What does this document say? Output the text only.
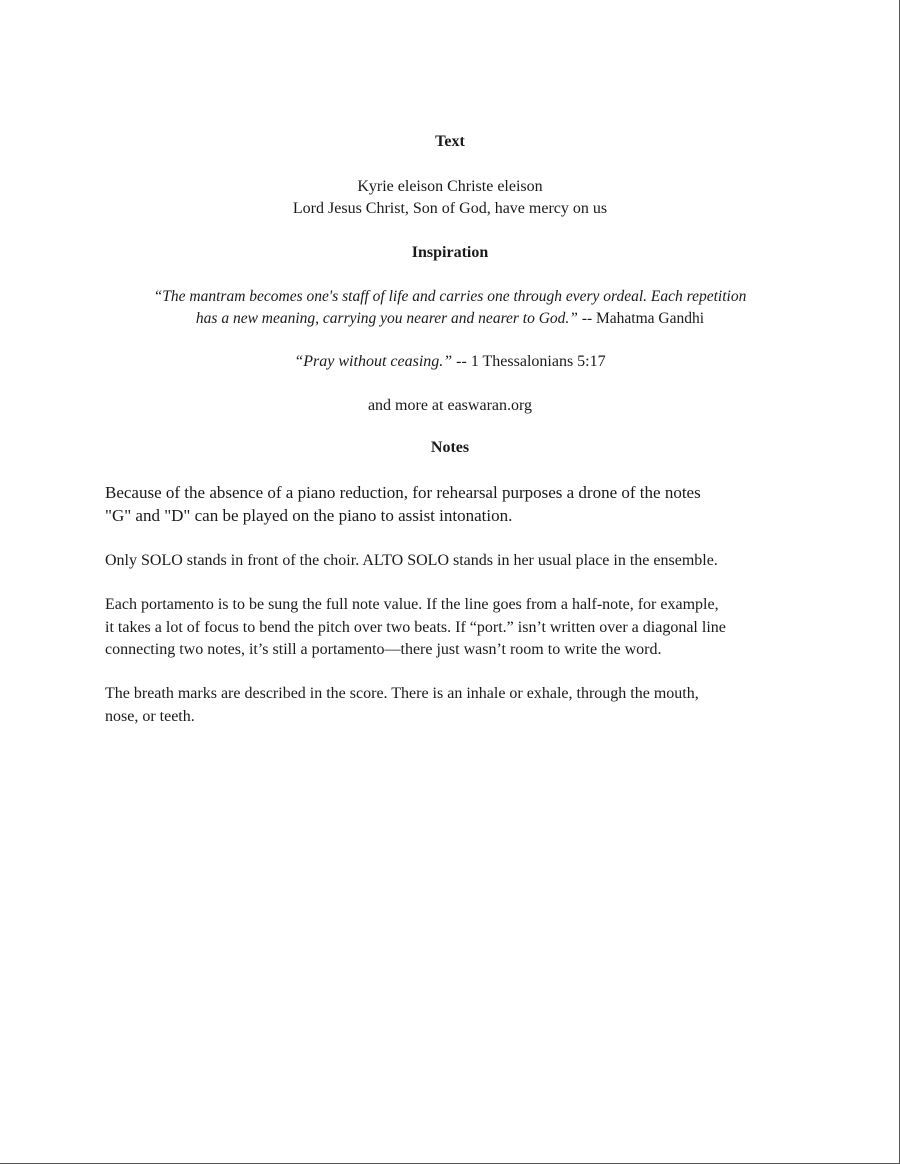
Text
Kyrie eleison Christe eleison
Lord Jesus Christ, Son of God, have mercy on us
Inspiration
“The mantram becomes one's staff of life and carries one through every ordeal. Each repetition
has a new meaning, carrying you nearer and nearer to God.” -- Mahatma Gandhi
“Pray without ceasing.” -- 1 Thessalonians 5:17
and more at easwaran.org
Notes
Because of the absence of a piano reduction, for rehearsal purposes a drone of the notes
"G" and "D" can be played on the piano to assist intonation.
Only SOLO stands in front of the choir. ALTO SOLO stands in her usual place in the ensemble.
Each portamento is to be sung the full note value. If the line goes from a half-note, for example,
it takes a lot of focus to bend the pitch over two beats. If “port.” isn’t written over a diagonal line
connecting two notes, it’s still a portamento—there just wasn’t room to write the word.
The breath marks are described in the score. There is an inhale or exhale, through the mouth,
nose, or teeth.
